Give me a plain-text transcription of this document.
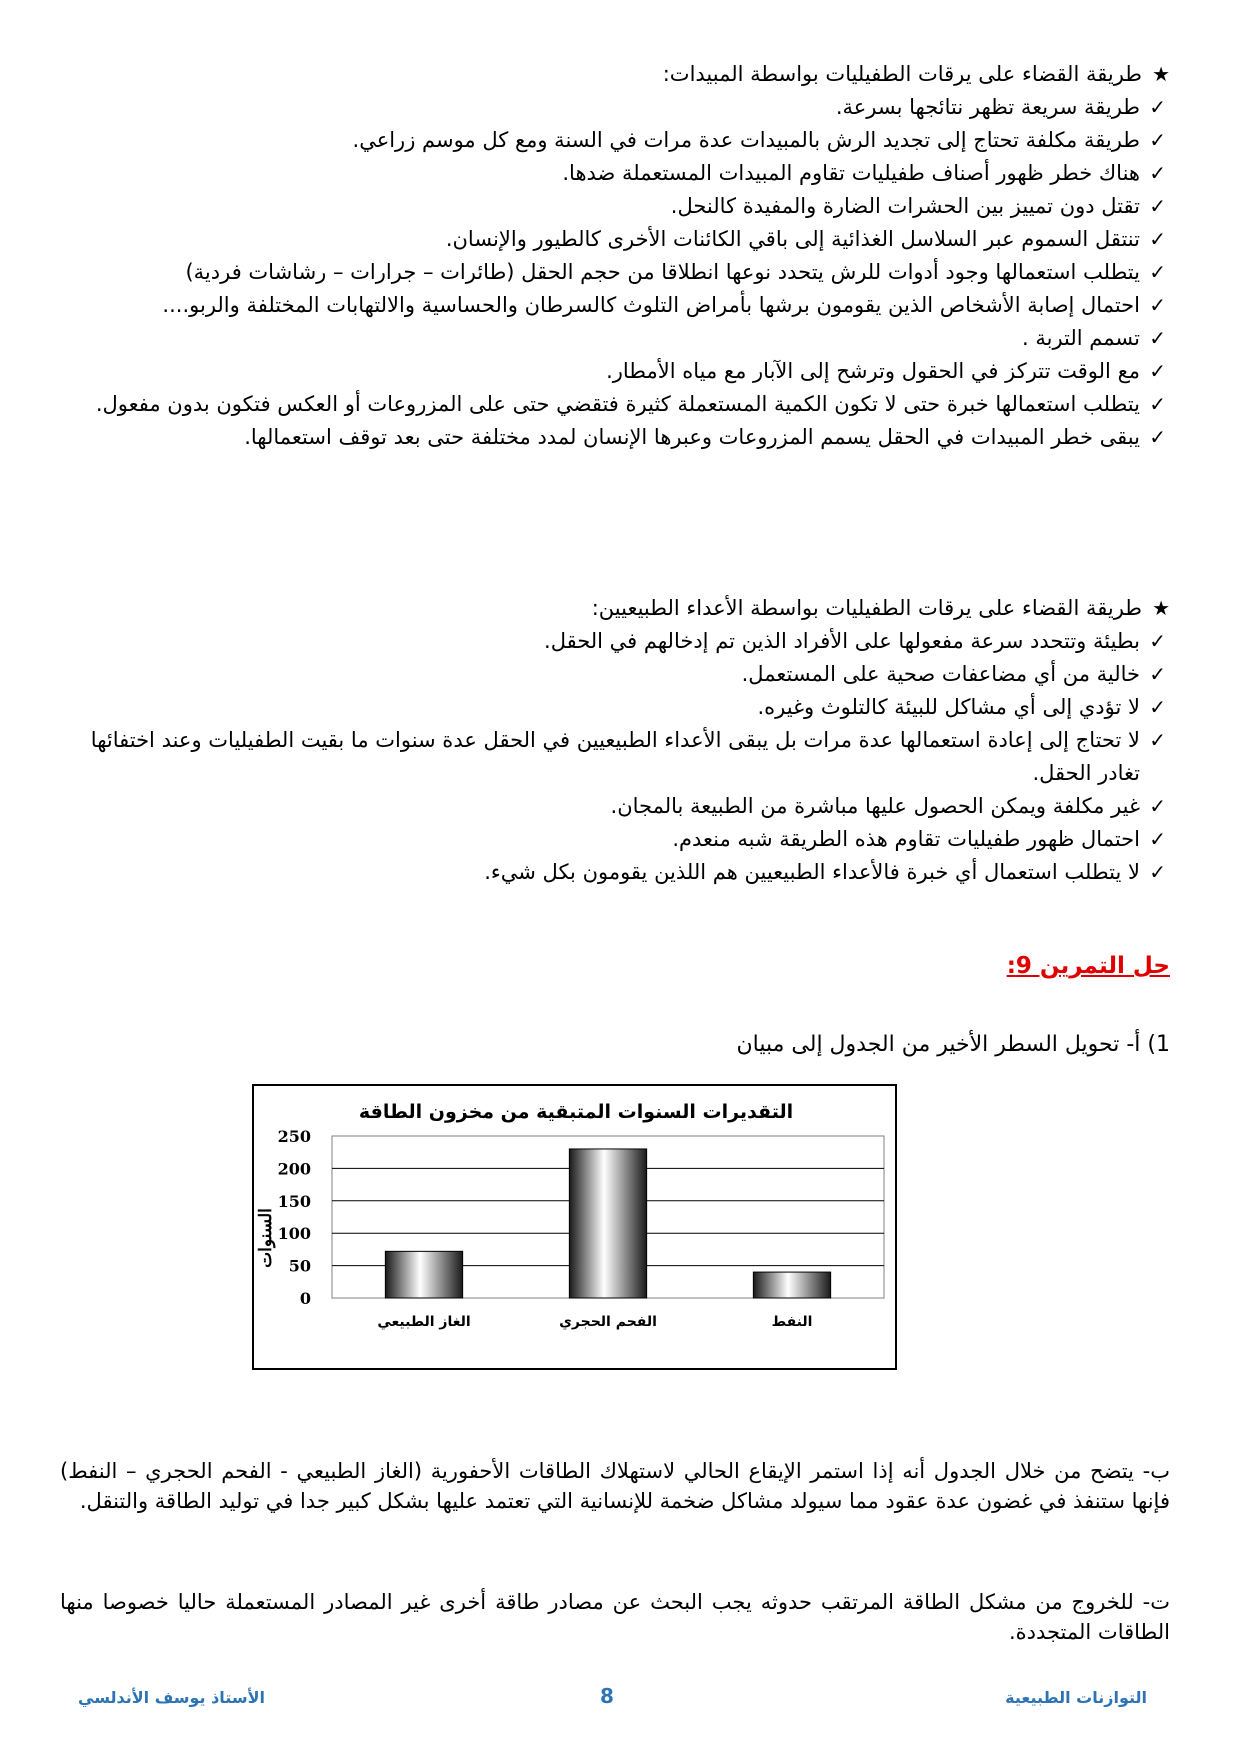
★
طريقة القضاء على يرقات الطفيليات بواسطة المبيدات:
✓
طريقة سريعة تظهر نتائجها بسرعة.
✓
طريقة مكلفة تحتاج إلى تجديد الرش بالمبيدات عدة مرات في السنة ومع كل موسم زراعي.
✓
هناك خطر ظهور أصناف طفيليات تقاوم المبيدات المستعملة ضدها.
✓
تقتل دون تمييز بين الحشرات الضارة والمفيدة كالنحل.
✓
تنتقل السموم عبر السلاسل الغذائية إلى باقي الكائنات الأخرى كالطيور والإنسان.
✓
يتطلب استعمالها وجود أدوات للرش يتحدد نوعها انطلاقا من حجم الحقل (طائرات – جرارات – رشاشات فردية)
✓
احتمال إصابة الأشخاص الذين يقومون برشها بأمراض التلوث كالسرطان والحساسية والالتهابات المختلفة والربو....
✓
تسمم التربة .
✓
مع الوقت تتركز في الحقول وترشح إلى الآبار مع مياه الأمطار.
✓
يتطلب استعمالها خبرة حتى لا تكون الكمية المستعملة كثيرة فتقضي حتى على المزروعات أو العكس فتكون بدون مفعول.
✓
يبقى خطر المبيدات في الحقل يسمم المزروعات وعبرها الإنسان لمدد مختلفة حتى بعد توقف استعمالها.
★
طريقة القضاء على يرقات الطفيليات بواسطة الأعداء الطبيعيين:
✓
بطيئة وتتحدد سرعة مفعولها على الأفراد الذين تم إدخالهم في الحقل.
✓
خالية من أي مضاعفات صحية على المستعمل.
✓
لا تؤدي إلى أي مشاكل للبيئة كالتلوث وغيره.
✓
لا تحتاج إلى إعادة استعمالها عدة مرات بل يبقى الأعداء الطبيعيين في الحقل عدة سنوات ما بقيت الطفيليات وعند اختفائها تغادر الحقل.
✓
غير مكلفة ويمكن الحصول عليها مباشرة من الطبيعة بالمجان.
✓
احتمال ظهور طفيليات تقاوم هذه الطريقة شبه منعدم.
✓
لا يتطلب استعمال أي خبرة فالأعداء الطبيعيين هم اللذين يقومون بكل شيء.
حل التمرين 9:
1) أ- تحويل السطر الأخير من الجدول إلى مبيان
التقديرات السنوات المتبقية من مخزون الطاقة
السنوات
0
50
100
150
200
250
الغاز الطبيعي	الفحم الحجري	النفط
ب- يتضح من خلال الجدول أنه إذا استمر الإيقاع الحالي لاستهلاك الطاقات الأحفورية (الغاز الطبيعي - الفحم الحجري – النفط) فإنها ستنفذ في غضون عدة عقود مما سيولد مشاكل ضخمة للإنسانية التي تعتمد عليها بشكل كبير جدا في توليد الطاقة والتنقل.
ت- للخروج من مشكل الطاقة المرتقب حدوثه يجب البحث عن مصادر طاقة أخرى غير المصادر المستعملة حاليا خصوصا منها الطاقات المتجددة.
التوازنات الطبيعية
8
الأستاذ يوسف الأندلسي
